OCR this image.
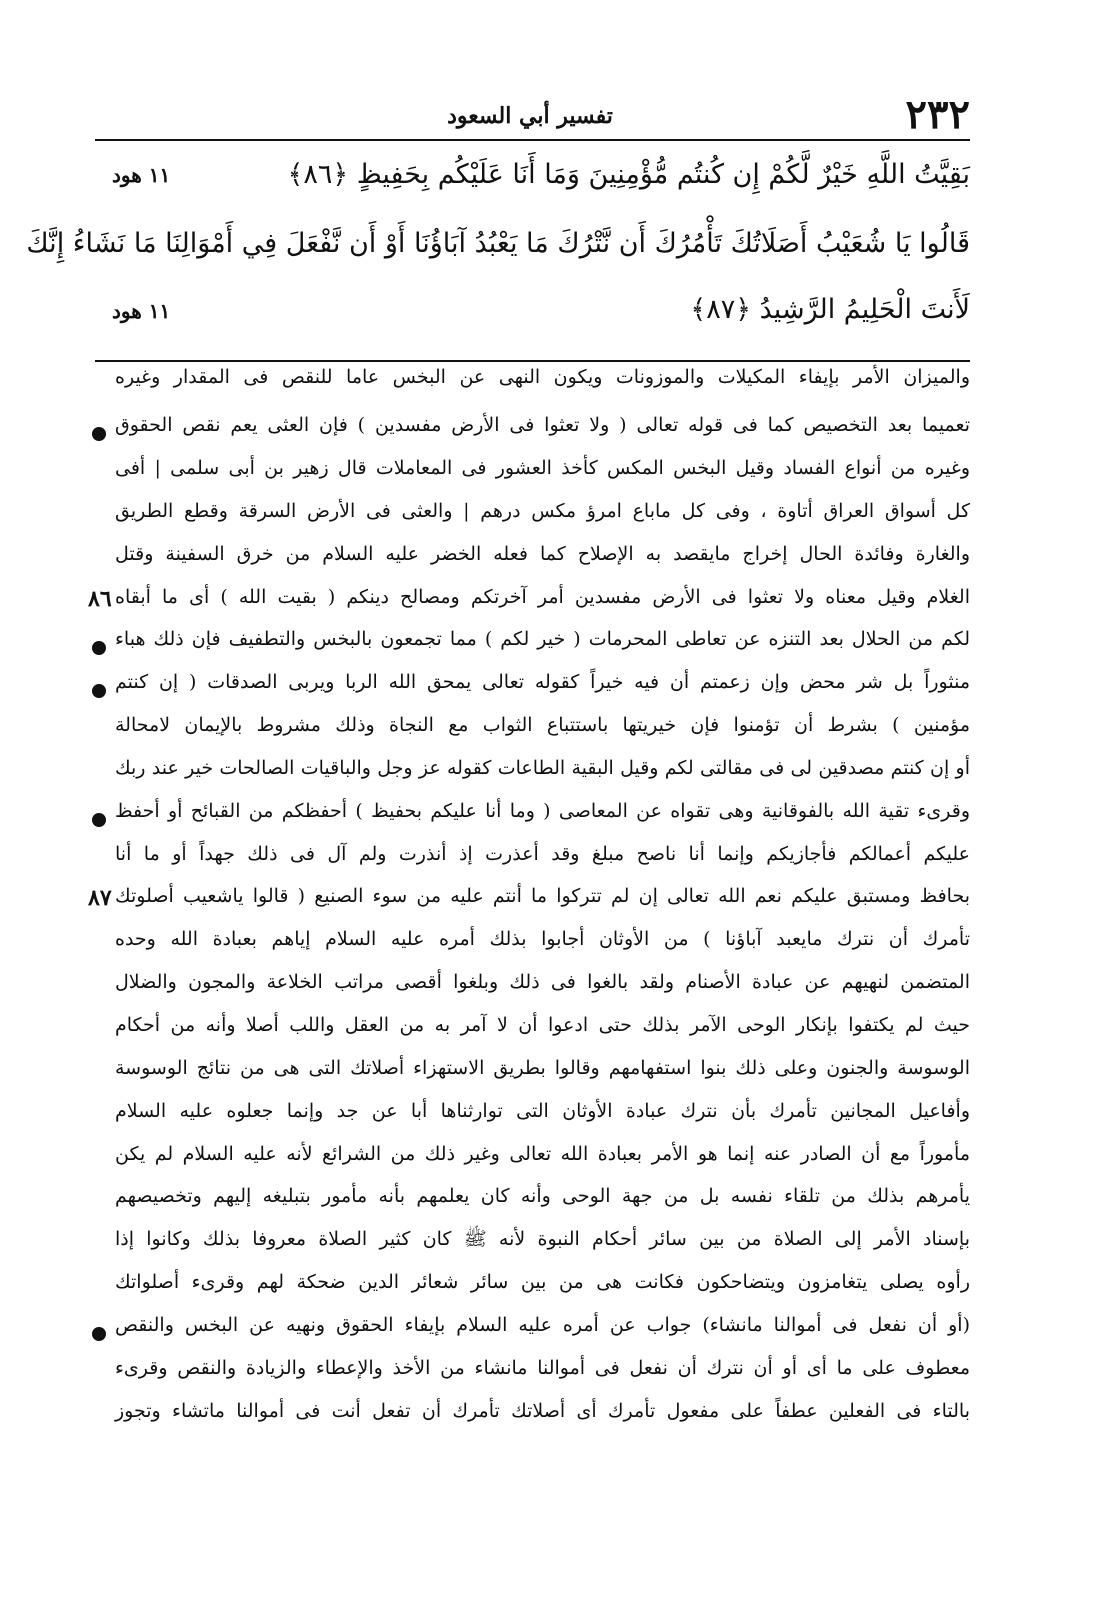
تفسير أبي السعود	٢٣٢
بَقِيَّتُ اللَّهِ خَيْرٌ لَّكُمْ إِن كُنتُم مُّؤْمِنِينَ وَمَا أَنَا عَلَيْكُم بِحَفِيظٍ ﴿٨٦﴾
١١ هود
قَالُوا يَا شُعَيْبُ أَصَلَاتُكَ تَأْمُرُكَ أَن نَّتْرُكَ مَا يَعْبُدُ آبَاؤُنَا أَوْ أَن نَّفْعَلَ فِي أَمْوَالِنَا مَا نَشَاءُ إِنَّكَ
لَأَنتَ الْحَلِيمُ الرَّشِيدُ ﴿٨٧﴾
١١ هود
والميزان الأمر بإيفاء المكيلات والموزونات ويكون النهى عن البخس عاما للنقص فى المقدار وغيره
تعميما بعد التخصيص كما فى قوله تعالى ( ولا تعثوا فى الأرض مفسدين ) فإن العثى يعم نقص الحقوق
وغيره من أنواع الفساد وقيل البخس المكس كأخذ العشور فى المعاملات قال زهير بن أبى سلمى | أفى
كل أسواق العراق أتاوة ، وفى كل ماباع امرؤ مكس درهم | والعثى فى الأرض السرقة وقطع الطريق
والغارة وفائدة الحال إخراج مايقصد به الإصلاح كما فعله الخضر عليه السلام من خرق السفينة وقتل
الغلام وقيل معناه ولا تعثوا فى الأرض مفسدين أمر آخرتكم ومصالح دينكم ( بقيت الله ) أى ما أبقاه
لكم من الحلال بعد التنزه عن تعاطى المحرمات ( خير لكم ) مما تجمعون بالبخس والتطفيف فإن ذلك هباء
منثوراً بل شر محض وإن زعمتم أن فيه خيراً كقوله تعالى يمحق الله الربا ويربى الصدقات ( إن كنتم
مؤمنين ) بشرط أن تؤمنوا فإن خيريتها باستتباع الثواب مع النجاة وذلك مشروط بالإيمان لامحالة
أو إن كنتم مصدقين لى فى مقالتى لكم وقيل البقية الطاعات كقوله عز وجل والباقيات الصالحات خير عند ربك
وقرىء تقية الله بالفوقانية وهى تقواه عن المعاصى ( وما أنا عليكم بحفيظ ) أحفظكم من القبائح أو أحفظ
عليكم أعمالكم فأجازيكم وإنما أنا ناصح مبلغ وقد أعذرت إذ أنذرت ولم آل فى ذلك جهداً أو ما أنا
بحافظ ومستبق عليكم نعم الله تعالى إن لم تتركوا ما أنتم عليه من سوء الصنيع ( قالوا ياشعيب أصلوتك
تأمرك أن نترك مايعبد آباؤنا ) من الأوثان أجابوا بذلك أمره عليه السلام إياهم بعبادة الله وحده
المتضمن لنهيهم عن عبادة الأصنام ولقد بالغوا فى ذلك وبلغوا أقصى مراتب الخلاعة والمجون والضلال
حيث لم يكتفوا بإنكار الوحى الآمر بذلك حتى ادعوا أن لا آمر به من العقل واللب أصلا وأنه من أحكام
الوسوسة والجنون وعلى ذلك بنوا استفهامهم وقالوا بطريق الاستهزاء أصلاتك التى هى من نتائج الوسوسة
وأفاعيل المجانين تأمرك بأن نترك عبادة الأوثان التى توارثناها أبا عن جد وإنما جعلوه عليه السلام
مأموراً مع أن الصادر عنه إنما هو الأمر بعبادة الله تعالى وغير ذلك من الشرائع لأنه عليه السلام لم يكن
يأمرهم بذلك من تلقاء نفسه بل من جهة الوحى وأنه كان يعلمهم بأنه مأمور بتبليغه إليهم وتخصيصهم
بإسناد الأمر إلى الصلاة من بين سائر أحكام النبوة لأنه ﷺ كان كثير الصلاة معروفا بذلك وكانوا إذا
رأوه يصلى يتغامزون ويتضاحكون فكانت هى من بين سائر شعائر الدين ضحكة لهم وقرىء أصلواتك
(أو أن نفعل فى أموالنا مانشاء) جواب عن أمره عليه السلام بإيفاء الحقوق ونهيه عن البخس والنقص
معطوف على ما أى أو أن نترك أن نفعل فى أموالنا مانشاء من الأخذ والإعطاء والزيادة والنقص وقرىء
بالتاء فى الفعلين عطفاً على مفعول تأمرك أى أصلاتك تأمرك أن تفعل أنت فى أموالنا ماتشاء وتجوز
٨٦
٨٧
